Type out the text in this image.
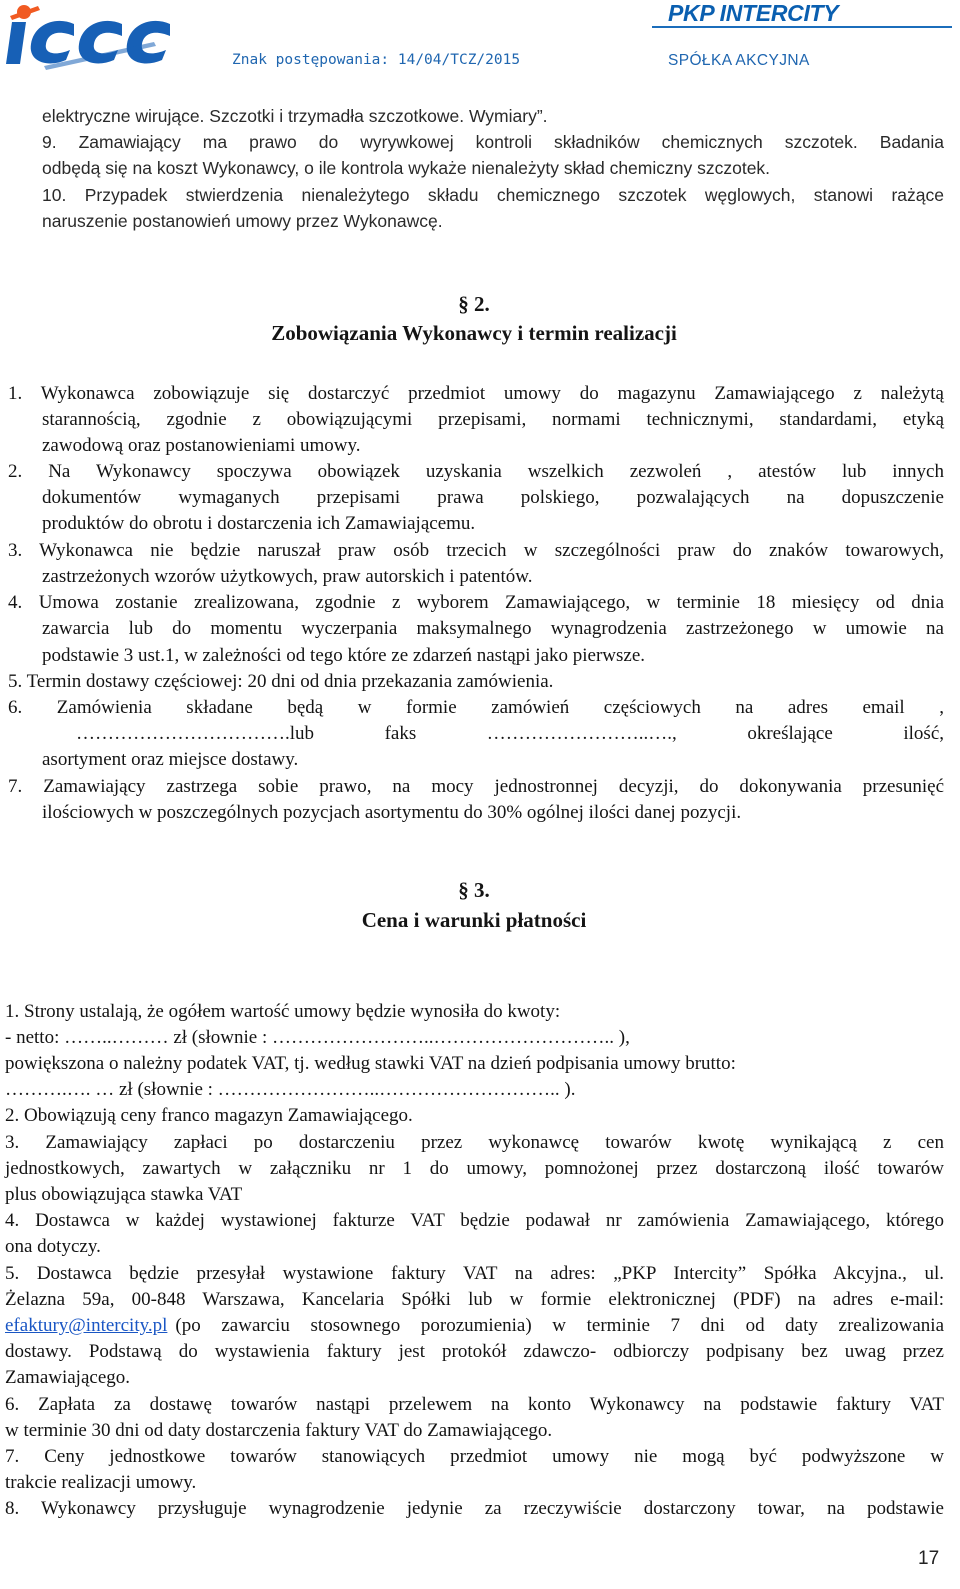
PKP INTERCITY
Znak postępowania: 14/04/TCZ/2015	SPÓŁKA AKCYJNA
elektryczne wirujące. Szczotki i trzymadła szczotkowe. Wymiary”.
9. Zamawiający ma prawo do wyrywkowej kontroli składników chemicznych szczotek. Badania
odbędą się na koszt Wykonawcy, o ile kontrola wykaże nienależyty skład chemiczny szczotek.
10. Przypadek stwierdzenia nienależytego składu chemicznego szczotek węglowych, stanowi rażące
naruszenie postanowień umowy przez Wykonawcę.
§ 2.
Zobowiązania Wykonawcy i termin realizacji
1. Wykonawca zobowiązuje się dostarczyć przedmiot umowy do magazynu Zamawiającego z należytą
starannością, zgodnie z obowiązującymi przepisami, normami technicznymi, standardami, etyką
zawodową oraz postanowieniami umowy.
2. Na Wykonawcy spoczywa obowiązek uzyskania wszelkich zezwoleń , atestów lub innych
dokumentów wymaganych przepisami prawa polskiego, pozwalających na dopuszczenie
produktów do obrotu i dostarczenia ich Zamawiającemu.
3. Wykonawca nie będzie naruszał praw osób trzecich w szczególności praw do znaków towarowych,
zastrzeżonych wzorów użytkowych, praw autorskich i patentów.
4. Umowa zostanie zrealizowana, zgodnie z wyborem Zamawiającego, w terminie 18 miesięcy od dnia
zawarcia lub do momentu wyczerpania maksymalnego wynagrodzenia zastrzeżonego w umowie na
podstawie 3 ust.1, w zależności od tego które ze zdarzeń nastąpi jako pierwsze.
5. Termin dostawy częściowej: 20 dni od dnia przekazania zamówienia.
6. Zamówienia składane będą w formie zamówień częściowych na adres email ,
…………………………….lub faks ……………………..…., określające ilość,
asortyment oraz miejsce dostawy.
7. Zamawiający zastrzega sobie prawo, na mocy jednostronnej decyzji, do dokonywania przesunięć
ilościowych w poszczególnych pozycjach asortymentu do 30% ogólnej ilości danej pozycji.
§ 3.
Cena i warunki płatności
1. Strony ustalają, że ogółem wartość umowy będzie wynosiła do kwoty:
- netto: ……..……… zł (słownie : ……………………..……………………….. ),
powiększona o należny podatek VAT, tj. według stawki VAT na dzień podpisania umowy brutto:
……….…. … zł (słownie : ……………………..……………………….. ).
2. Obowiązują ceny franco magazyn Zamawiającego.
3. Zamawiający zapłaci po dostarczeniu przez wykonawcę towarów kwotę wynikającą z cen
jednostkowych, zawartych w załączniku nr 1 do umowy, pomnożonej przez dostarczoną ilość towarów
plus obowiązująca stawka VAT
4. Dostawca w każdej wystawionej fakturze VAT będzie podawał nr zamówienia Zamawiającego, którego
ona dotyczy.
5. Dostawca będzie przesyłał wystawione faktury VAT na adres: „PKP Intercity” Spółka Akcyjna., ul.
Żelazna 59a, 00-848 Warszawa, Kancelaria Spółki lub w formie elektronicznej (PDF) na adres e-mail:
efaktury@intercity.pl (po zawarciu stosownego porozumienia) w terminie 7 dni od daty zrealizowania
dostawy. Podstawą do wystawienia faktury jest protokół zdawczo- odbiorczy podpisany bez uwag przez
Zamawiającego.
6. Zapłata za dostawę towarów nastąpi przelewem na konto Wykonawcy na podstawie faktury VAT
w terminie 30 dni od daty dostarczenia faktury VAT do Zamawiającego.
7. Ceny jednostkowe towarów stanowiących przedmiot umowy nie mogą być podwyższone w
trakcie realizacji umowy.
8. Wykonawcy przysługuje wynagrodzenie jedynie za rzeczywiście dostarczony towar, na podstawie
17
